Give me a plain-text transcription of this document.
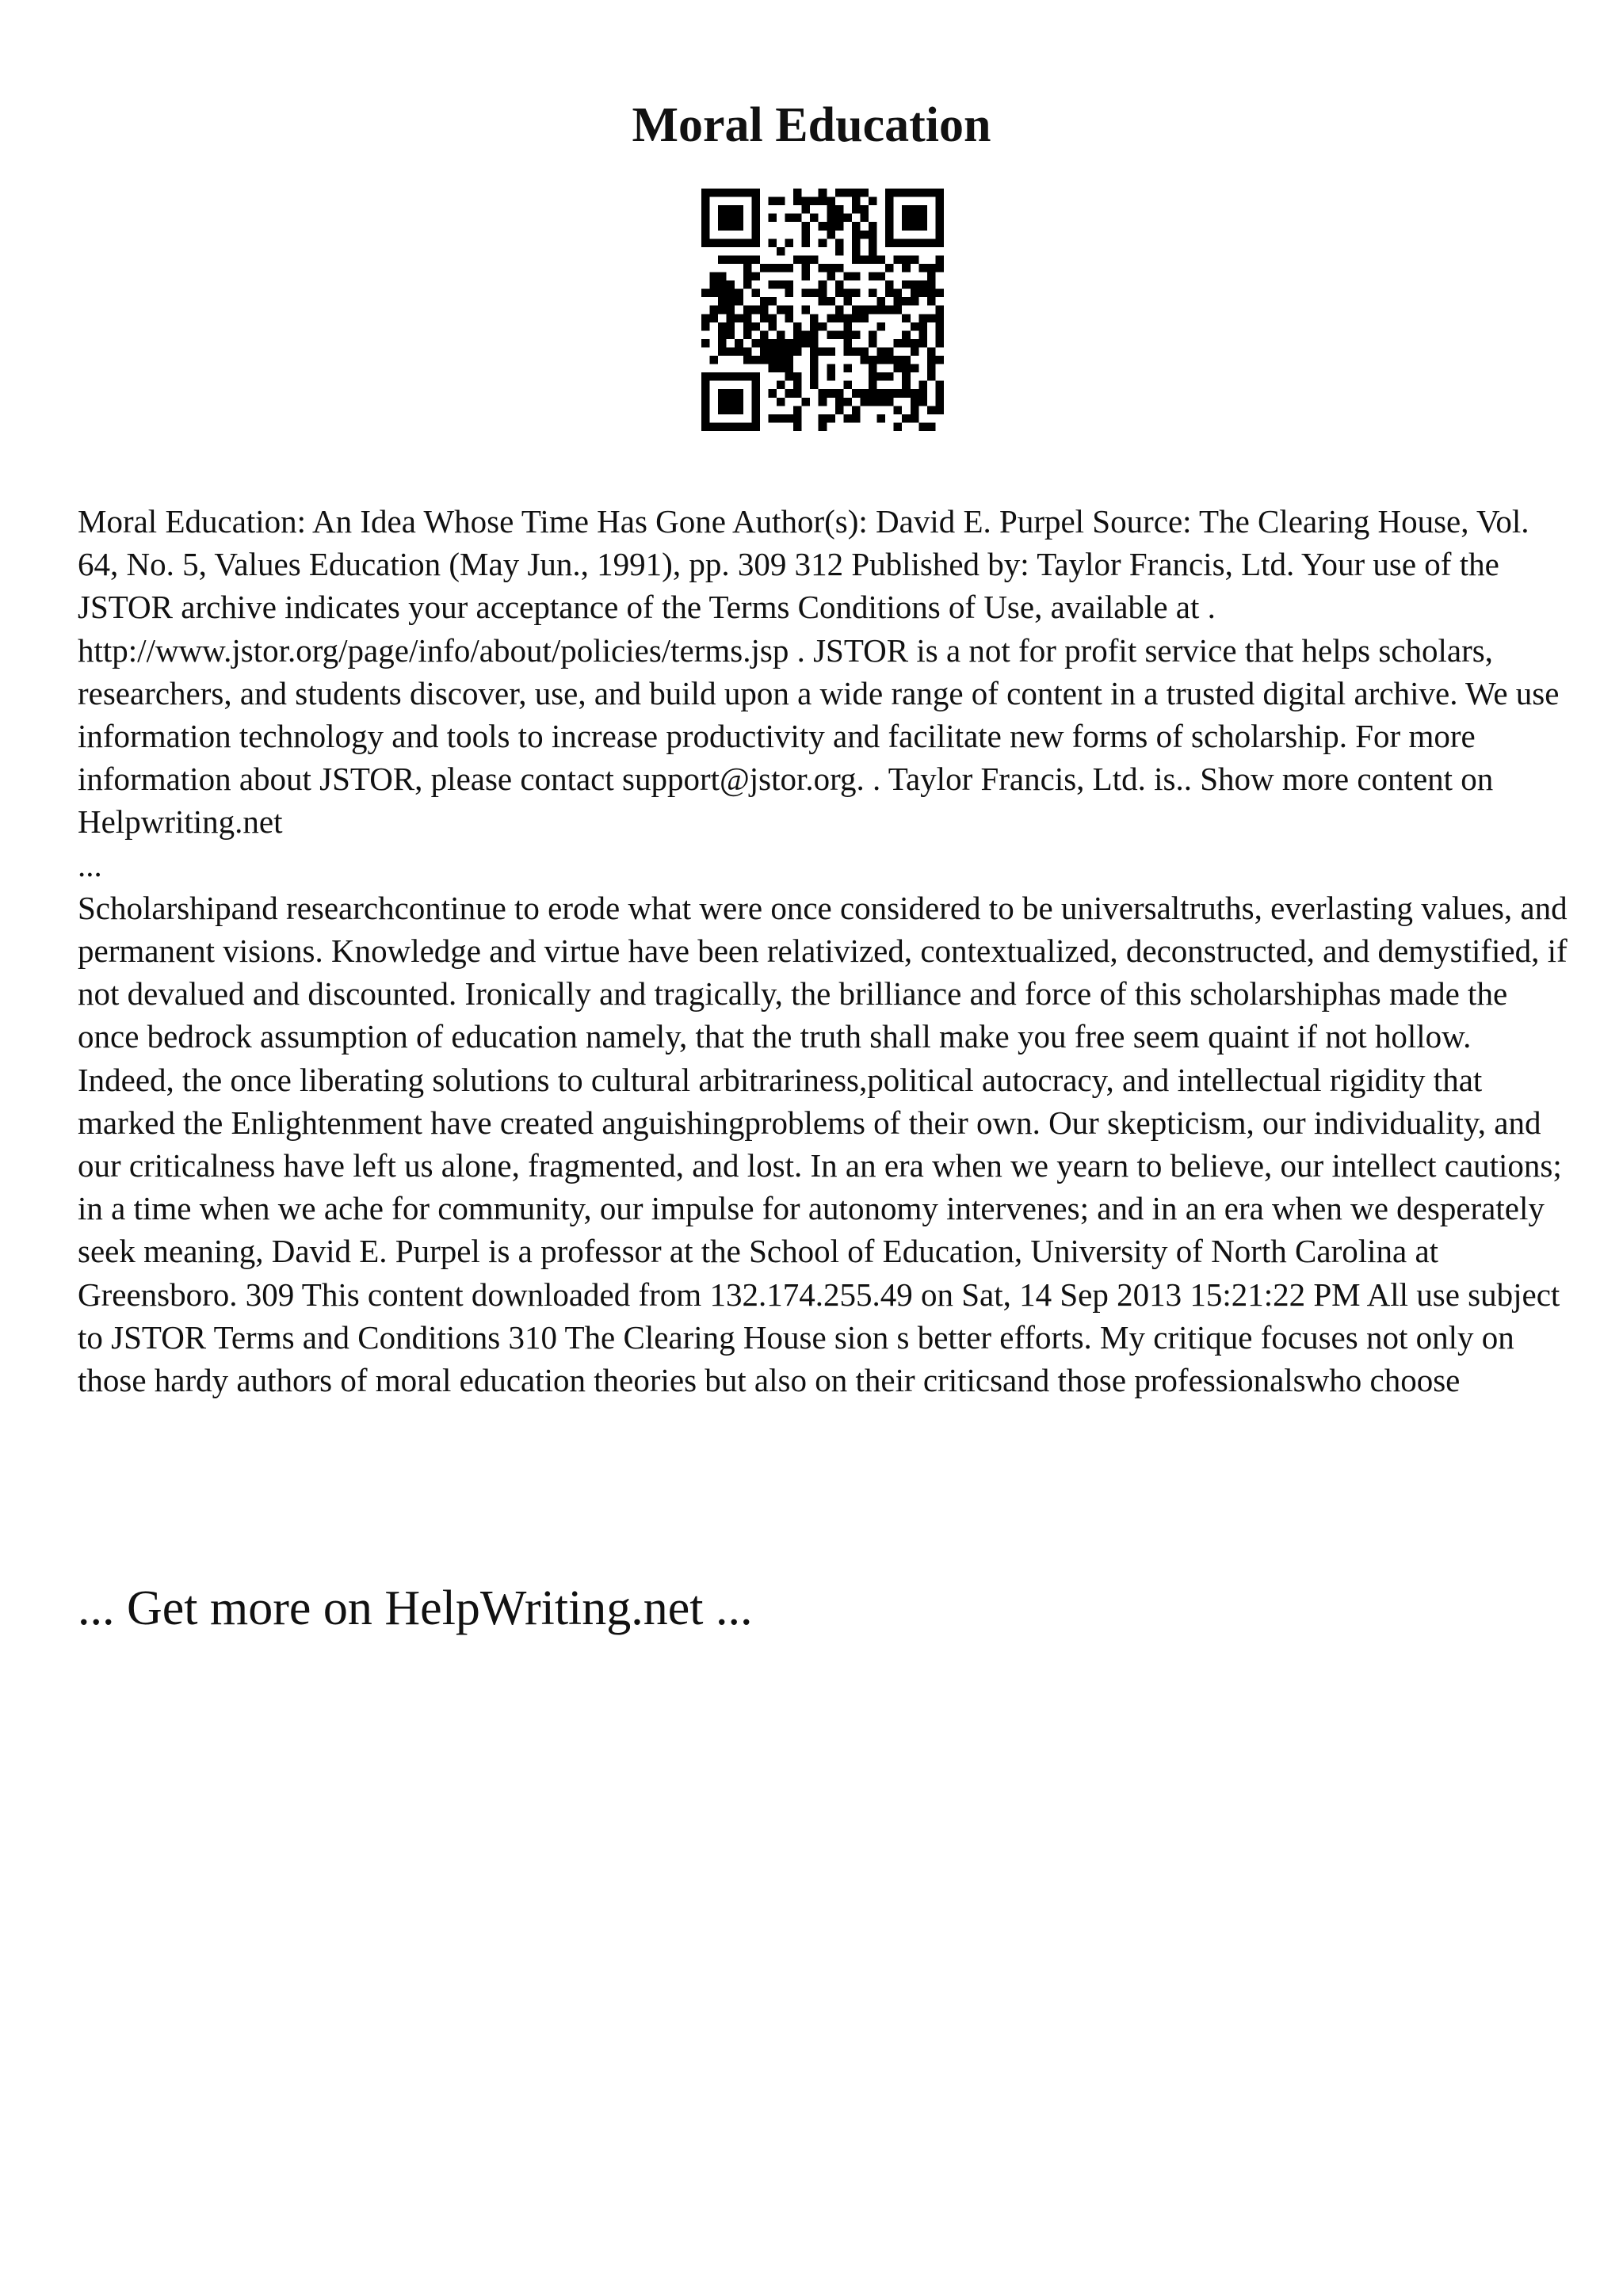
Moral Education

Moral Education: An Idea Whose Time Has Gone Author(s): David E. Purpel Source: The Clearing House, Vol. 64, No. 5, Values Education (May Jun., 1991), pp. 309 312 Published by: Taylor Francis, Ltd. Your use of the JSTOR archive indicates your acceptance of the Terms Conditions of Use, available at . http://www.jstor.org/page/info/about/policies/terms.jsp . JSTOR is a not for profit service that helps scholars, researchers, and students discover, use, and build upon a wide range of content in a trusted digital archive. We use information technology and tools to increase productivity and facilitate new forms of scholarship. For more information about JSTOR, please contact support@jstor.org. . Taylor Francis, Ltd. is.. Show more content on Helpwriting.net

...

Scholarshipand researchcontinue to erode what were once considered to be universaltruths, everlasting values, and permanent visions. Knowledge and virtue have been relativized, contextualized, deconstructed, and demystified, if not devalued and discounted. Ironically and tragically, the brilliance and force of this scholarshiphas made the once bedrock assumption of education namely, that the truth shall make you free seem quaint if not hollow. Indeed, the once liberating solutions to cultural arbitrariness,political autocracy, and intellectual rigidity that marked the Enlightenment have created anguishingproblems of their own. Our skepticism, our individuality, and our criticalness have left us alone, fragmented, and lost. In an era when we yearn to believe, our intellect cautions; in a time when we ache for community, our impulse for autonomy intervenes; and in an era when we desperately seek meaning, David E. Purpel is a professor at the School of Education, University of North Carolina at Greensboro. 309 This content downloaded from 132.174.255.49 on Sat, 14 Sep 2013 15:21:22 PM All use subject to JSTOR Terms and Conditions 310 The Clearing House sion s better efforts. My critique focuses not only on those hardy authors of moral education theories but also on their criticsand those professionalswho choose

... Get more on HelpWriting.net ...
